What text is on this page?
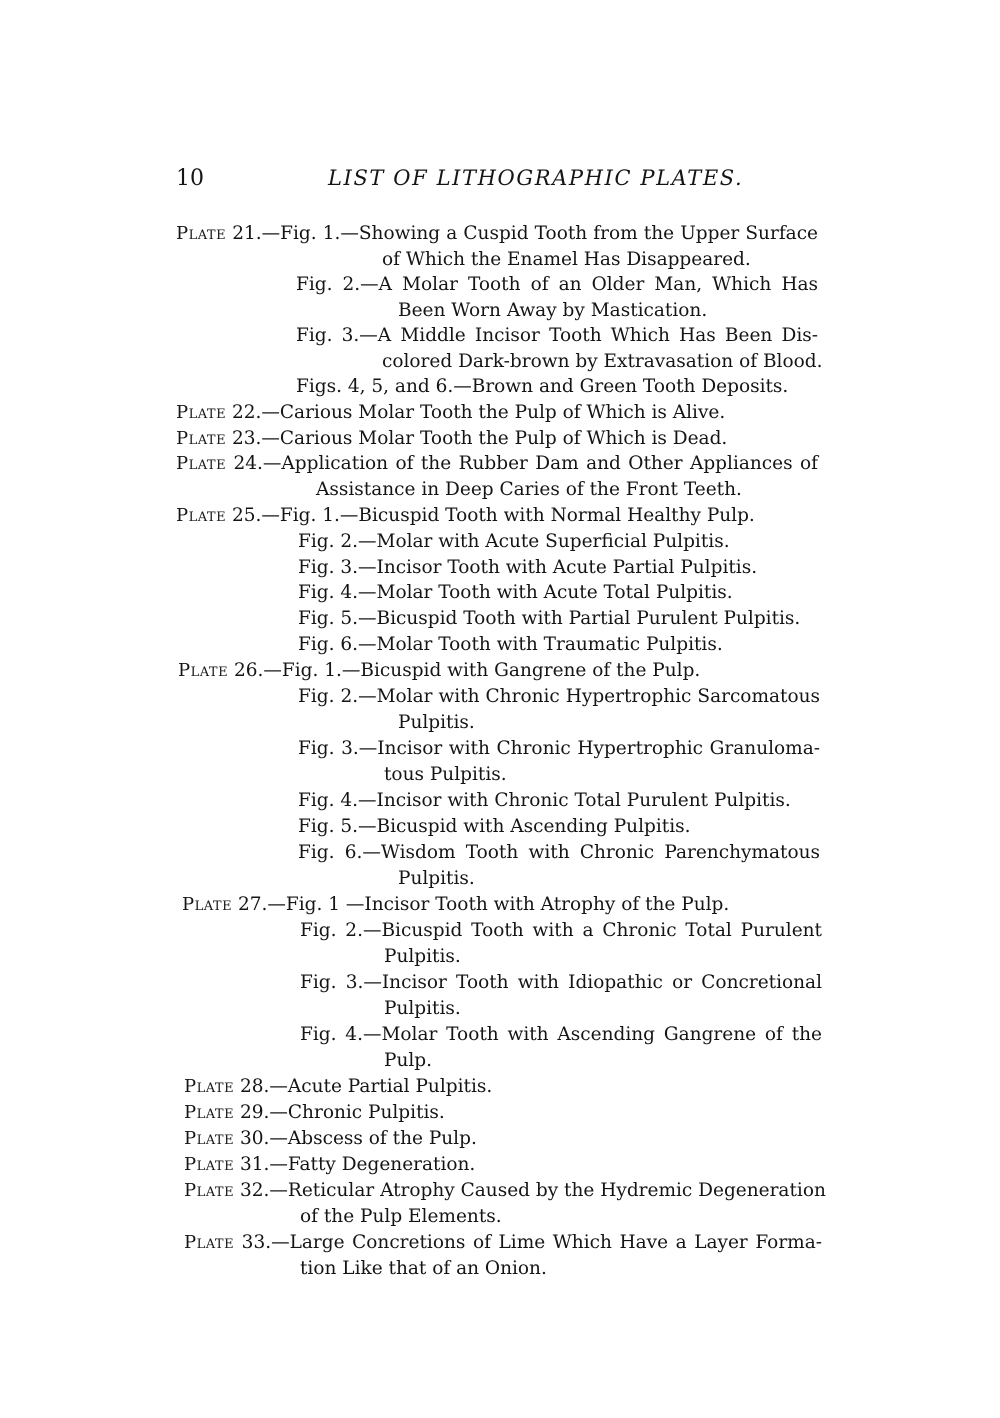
10	LIST OF LITHOGRAPHIC PLATES.
Plate 21.—Fig. 1.—Showing a Cuspid Tooth from the Upper Surface
of Which the Enamel Has Disappeared.
Fig. 2.—A Molar Tooth of an Older Man, Which Has
Been Worn Away by Mastication.
Fig. 3.—A Middle Incisor Tooth Which Has Been Dis-
colored Dark-brown by Extravasation of Blood.
Figs. 4, 5, and 6.—Brown and Green Tooth Deposits.
Plate 22.—Carious Molar Tooth the Pulp of Which is Alive.
Plate 23.—Carious Molar Tooth the Pulp of Which is Dead.
Plate 24.—Application of the Rubber Dam and Other Appliances of
Assistance in Deep Caries of the Front Teeth.
Plate 25.—Fig. 1.—Bicuspid Tooth with Normal Healthy Pulp.
Fig. 2.—Molar with Acute Superficial Pulpitis.
Fig. 3.—Incisor Tooth with Acute Partial Pulpitis.
Fig. 4.—Molar Tooth with Acute Total Pulpitis.
Fig. 5.—Bicuspid Tooth with Partial Purulent Pulpitis.
Fig. 6.—Molar Tooth with Traumatic Pulpitis.
Plate 26.—Fig. 1.—Bicuspid with Gangrene of the Pulp.
Fig. 2.—Molar with Chronic Hypertrophic Sarcomatous
Pulpitis.
Fig. 3.—Incisor with Chronic Hypertrophic Granuloma-
tous Pulpitis.
Fig. 4.—Incisor with Chronic Total Purulent Pulpitis.
Fig. 5.—Bicuspid with Ascending Pulpitis.
Fig. 6.—Wisdom Tooth with Chronic Parenchymatous
Pulpitis.
Plate 27.—Fig. 1 —Incisor Tooth with Atrophy of the Pulp.
Fig. 2.—Bicuspid Tooth with a Chronic Total Purulent
Pulpitis.
Fig. 3.—Incisor Tooth with Idiopathic or Concretional
Pulpitis.
Fig. 4.—Molar Tooth with Ascending Gangrene of the
Pulp.
Plate 28.—Acute Partial Pulpitis.
Plate 29.—Chronic Pulpitis.
Plate 30.—Abscess of the Pulp.
Plate 31.—Fatty Degeneration.
Plate 32.—Reticular Atrophy Caused by the Hydremic Degeneration
of the Pulp Elements.
Plate 33.—Large Concretions of Lime Which Have a Layer Forma-
tion Like that of an Onion.
